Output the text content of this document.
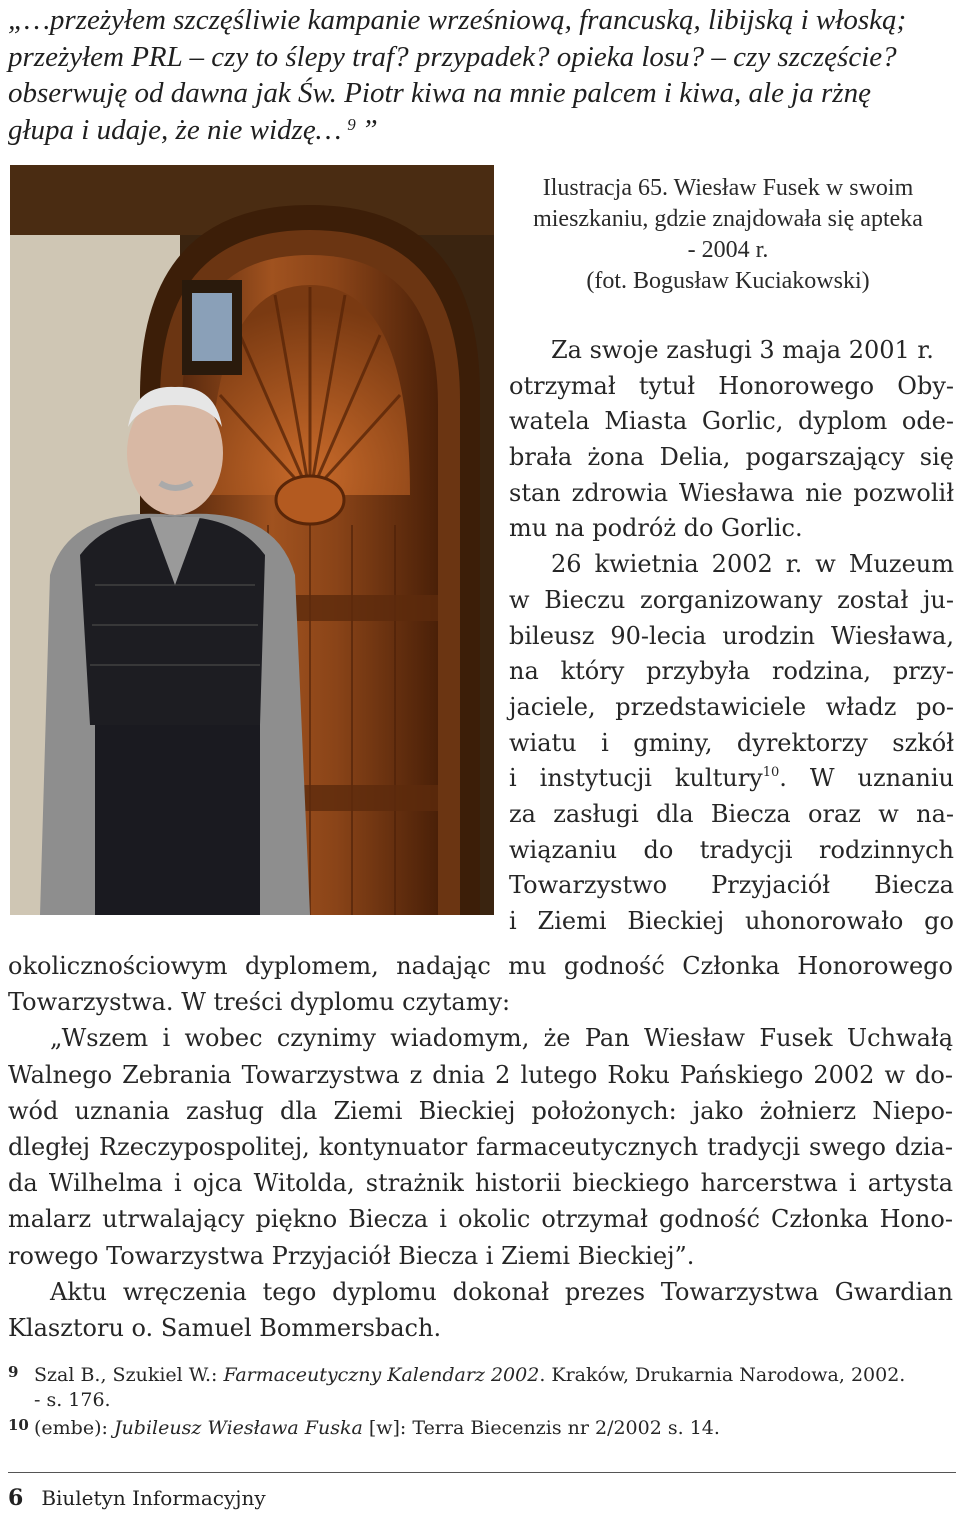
„…przeżyłem szczęśliwie kampanie wrześniową, francuską, libijską i włoską;

przeżyłem PRL – czy to ślepy traf? przypadek? opieka losu? – czy szczęście?

obserwuję od dawna jak Św. Piotr kiwa na mnie palcem i kiwa, ale ja rżnę

głupa i udaje, że nie widzę…  $^9$  ”

Ilustracja 65. Wiesław Fusek w swoim
mieszkaniu, gdzie znajdowała się apteka
- 2004 r.
(fot. Bogusław Kuciakowski)
Za swoje zasługi 3 maja 2001 r.
otrzymał tytuł Honorowego Oby-
watela Miasta Gorlic, dyplom ode-
brała żona Delia, pogarszający się
stan zdrowia Wiesława nie pozwolił
mu na podróż do Gorlic.
26 kwietnia 2002 r. w Muzeum
w Bieczu zorganizowany został ju-
bileusz 90-lecia urodzin Wiesława,
na który przybyła rodzina, przy-
jaciele, przedstawiciele władz po-
wiatu i gminy, dyrektorzy szkół
i instytucji kultury$^{10}$. W uznaniu
za zasługi dla Biecza oraz w na-
wiązaniu do tradycji rodzinnych
Towarzystwo Przyjaciół Biecza
i Ziemi Bieckiej uhonorowało go
okolicznościowym dyplomem, nadając mu godność Członka Honorowego
Towarzystwa. W treści dyplomu czytamy:
„Wszem i wobec czynimy wiadomym, że Pan Wiesław Fusek Uchwałą
Walnego Zebrania Towarzystwa z dnia 2 lutego Roku Pańskiego 2002 w do-
wód uznania zasług dla Ziemi Bieckiej położonych: jako żołnierz Niepo-
dległej Rzeczypospolitej, kontynuator farmaceutycznych tradycji swego dzia-
da Wilhelma i ojca Witolda, strażnik historii bieckiego harcerstwa i artysta
malarz utrwalający piękno Biecza i okolic otrzymał godność Członka Hono-
rowego Towarzystwa Przyjaciół Biecza i Ziemi Bieckiej”.
Aktu wręczenia tego dyplomu dokonał prezes Towarzystwa Gwardian
Klasztoru o. Samuel Bommersbach.
9 Szal B., Szukiel W.: Farmaceutyczny Kalendarz 2002. Kraków, Drukarnia Narodowa, 2002.
- s. 176.
10 (embe): Jubileusz Wiesława Fuska [w]: Terra Biecenzis nr 2/2002 s. 14.
6 Biuletyn Informacyjny
